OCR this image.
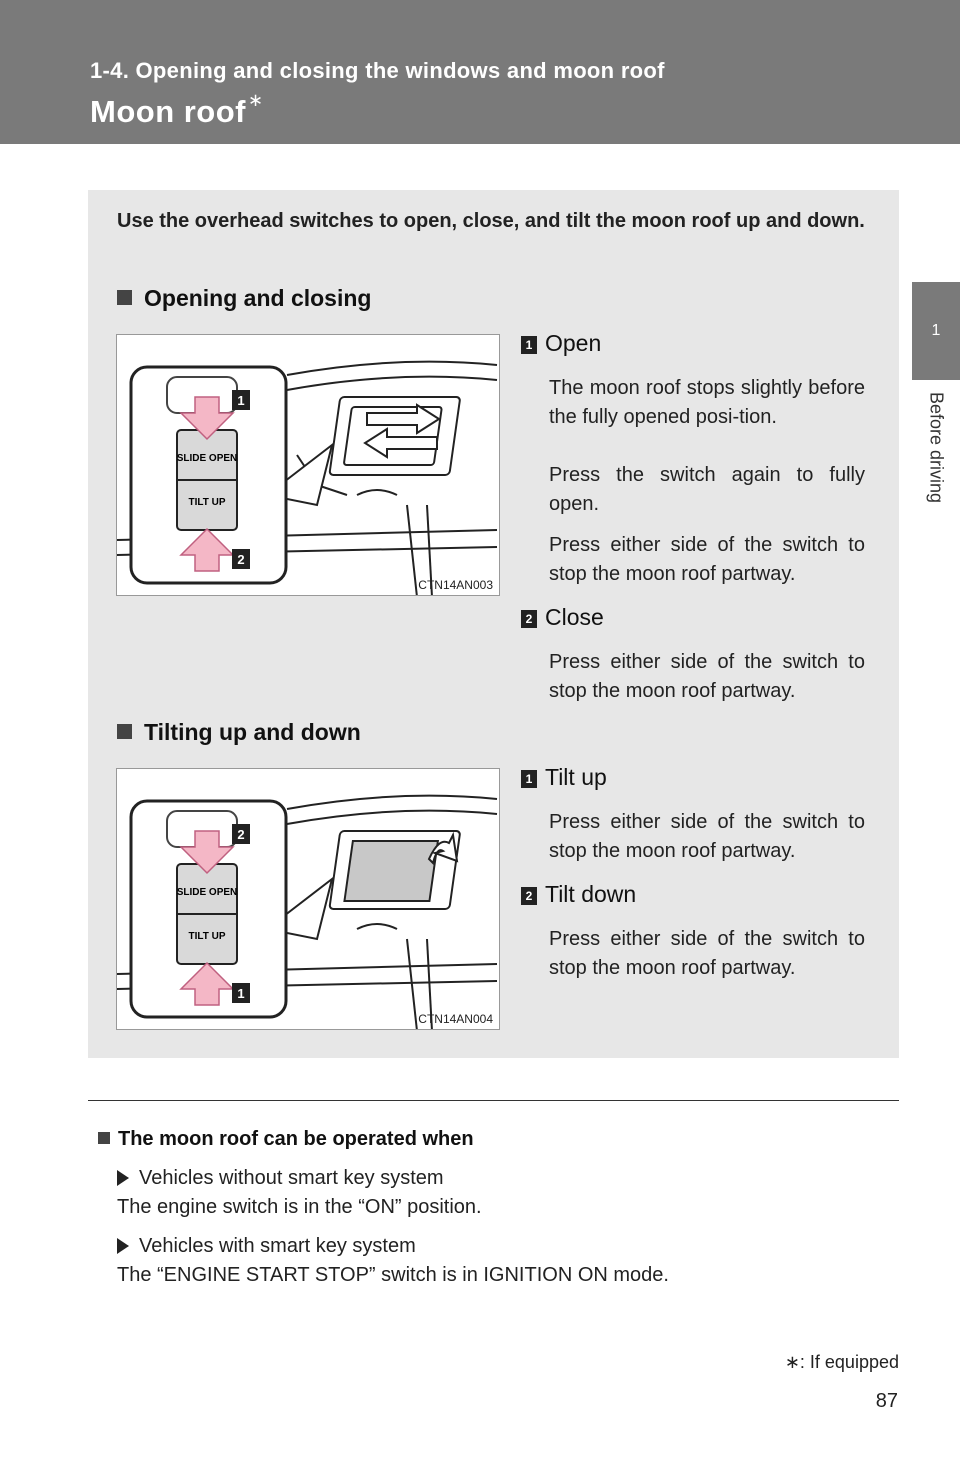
1-4. Opening and closing the windows and moon roof
Moon roof ∗
1
Before driving
Use the overhead switches to open, close, and tilt the moon roof up and down.
Opening and closing
SLIDE OPEN
TILT UP
1
2
CTN14AN003
1 Open
The moon roof stops slightly before the fully opened posi-tion.
Press the switch again to fully open.
Press either side of the switch to stop the moon roof partway.
2 Close
Press either side of the switch to stop the moon roof partway.
Tilting up and down
SLIDE OPEN
TILT UP
2
1
CTN14AN004
1 Tilt up
Press either side of the switch to stop the moon roof partway.
2 Tilt down
Press either side of the switch to stop the moon roof partway.
The moon roof can be operated when
Vehicles without smart key system
The engine switch is in the “ON” position.
Vehicles with smart key system
The “ENGINE START STOP” switch is in IGNITION ON mode.
∗: If equipped
87
